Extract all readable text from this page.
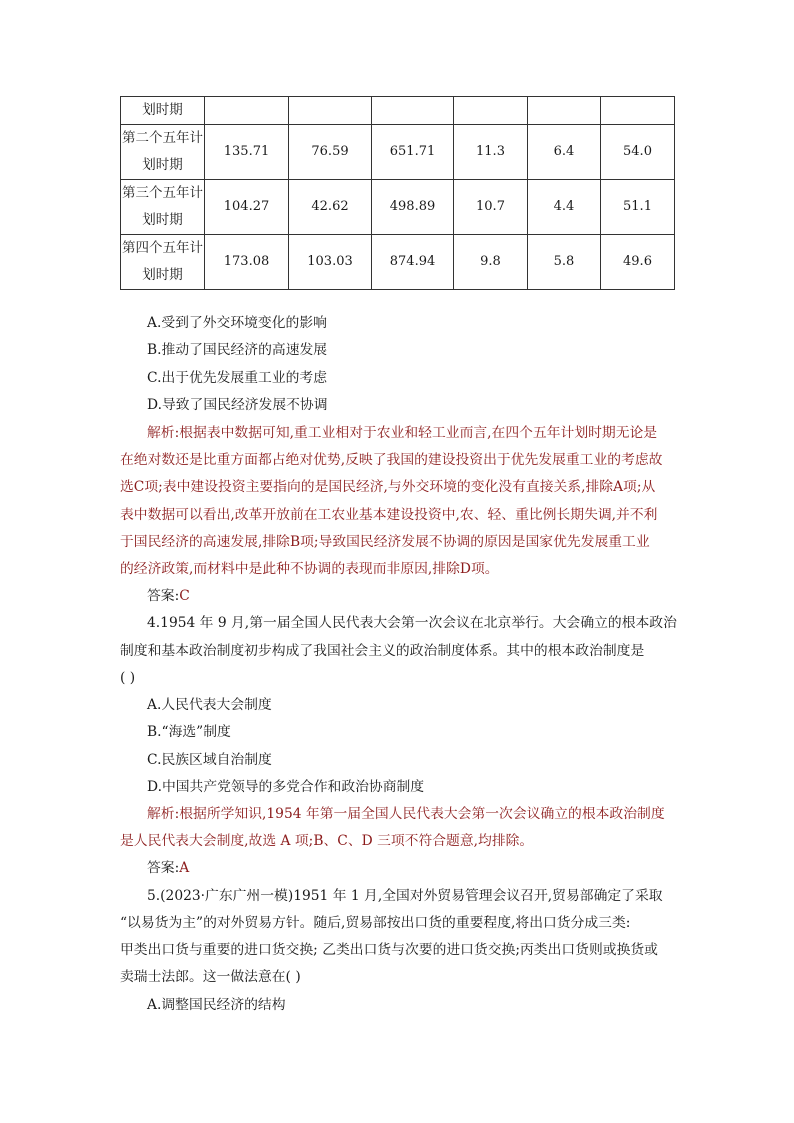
划时期						
第二个五年计
划时期	135.71	76.59	651.71	11.3	6.4	54.0
第三个五年计
划时期	104.27	42.62	498.89	10.7	4.4	51.1
第四个五年计
划时期	173.08	103.03	874.94	9.8	5.8	49.6
A.受到了外交环境变化的影响
B.推动了国民经济的高速发展
C.出于优先发展重工业的考虑
D.导致了国民经济发展不协调
解析:根据表中数据可知,重工业相对于农业和轻工业而言,在四个五年计划时期无论是
在绝对数还是比重方面都占绝对优势,反映了我国的建设投资出于优先发展重工业的考虑故
选C项;表中建设投资主要指向的是国民经济,与外交环境的变化没有直接关系,排除A项;从
表中数据可以看出,改革开放前在工农业基本建设投资中,农、轻、重比例长期失调,并不利
于国民经济的高速发展,排除B项;导致国民经济发展不协调的原因是国家优先发展重工业
的经济政策,而材料中是此种不协调的表现而非原因,排除D项。
答案:C
4.1954 年 9 月,第一届全国人民代表大会第一次会议在北京举行。大会确立的根本政治
制度和基本政治制度初步构成了我国社会主义的政治制度体系。其中的根本政治制度是
( )
A.人民代表大会制度
B.“海选”制度
C.民族区域自治制度
D.中国共产党领导的多党合作和政治协商制度
解析:根据所学知识,1954 年第一届全国人民代表大会第一次会议确立的根本政治制度
是人民代表大会制度,故选 A 项;B、C、D 三项不符合题意,均排除。
答案:A
5.(2023·广东广州一模)1951 年 1 月,全国对外贸易管理会议召开,贸易部确定了采取
“以易货为主”的对外贸易方针。随后,贸易部按出口货的重要程度,将出口货分成三类:
甲类出口货与重要的进口货交换; 乙类出口货与次要的进口货交换;丙类出口货则或换货或
卖瑞士法郎。这一做法意在( )
A.调整国民经济的结构
